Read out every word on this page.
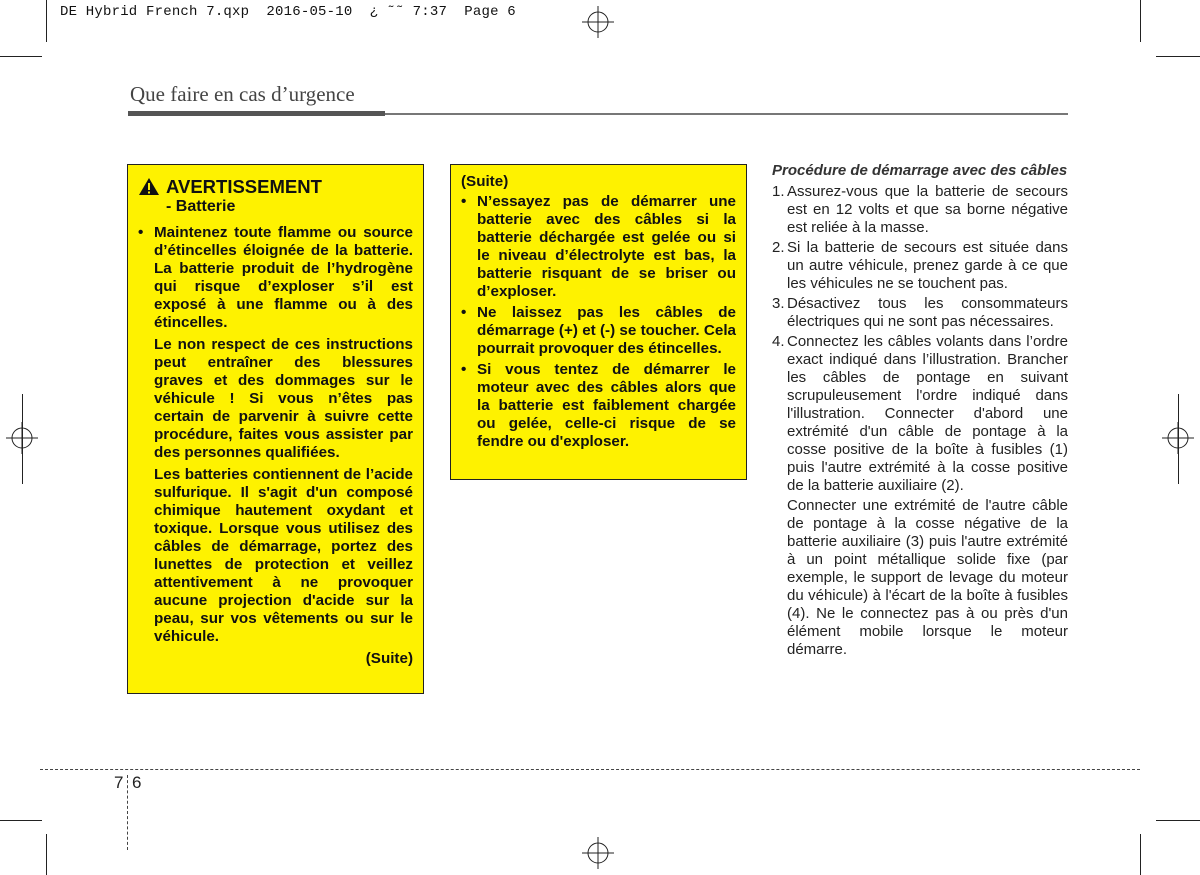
DE Hybrid French 7.qxp  2016-05-10  ¿ ˜˜ 7:37  Page 6
Que faire en cas d’urgence
AVERTISSEMENT
- Batterie
• Maintenez toute flamme ou source d’étincelles éloignée de la batterie. La batterie produit de l’hydrogène qui risque d’exploser s’il est exposé à une flamme ou à des étincelles.
Le non respect de ces instructions peut entraîner des blessures graves et des dommages sur le véhicule ! Si vous n’êtes pas certain de parvenir à suivre cette procédure, faites vous assister par des personnes qualifiées.
Les batteries contiennent de l’acide sulfurique. Il s'agit d'un composé chimique hautement oxydant et toxique. Lorsque vous utilisez des câbles de démarrage, portez des lunettes de protection et veillez attentivement à ne provoquer aucune projection d'acide sur la peau, sur vos vêtements ou sur le véhicule.
(Suite)
(Suite)
• N’essayez pas de démarrer une batterie avec des câbles si la batterie déchargée est gelée ou si le niveau d’électrolyte est bas, la batterie risquant de se briser ou d’exploser.
• Ne laissez pas les câbles de démarrage (+) et (-) se toucher. Cela pourrait provoquer des étincelles.
• Si vous tentez de démarrer le moteur avec des câbles alors que la batterie est faiblement chargée ou gelée, celle-ci risque de se fendre ou d'exploser.
Procédure de démarrage avec des câbles
1. Assurez-vous que la batterie de secours est en 12 volts et que sa borne négative est reliée à la masse.
2. Si la batterie de secours est située dans un autre véhicule, prenez garde à ce que les véhicules ne se touchent pas.
3. Désactivez tous les consommateurs électriques qui ne sont pas nécessaires.
4. Connectez les câbles volants dans l’ordre exact indiqué dans l’illustration. Brancher les câbles de pontage en suivant scrupuleusement l'ordre indiqué dans l'illustration. Connecter d'abord une extrémité d'un câble de pontage à la cosse positive de la boîte à fusibles (1) puis l'autre extrémité à la cosse positive de la batterie auxiliaire (2).
Connecter une extrémité de l'autre câble de pontage à la cosse négative de la batterie auxiliaire (3) puis l'autre extrémité à un point métallique solide fixe (par exemple, le support de levage du moteur du véhicule) à l'écart de la boîte à fusibles (4). Ne le connectez pas à ou près d'un élément mobile lorsque le moteur démarre.
7 6
